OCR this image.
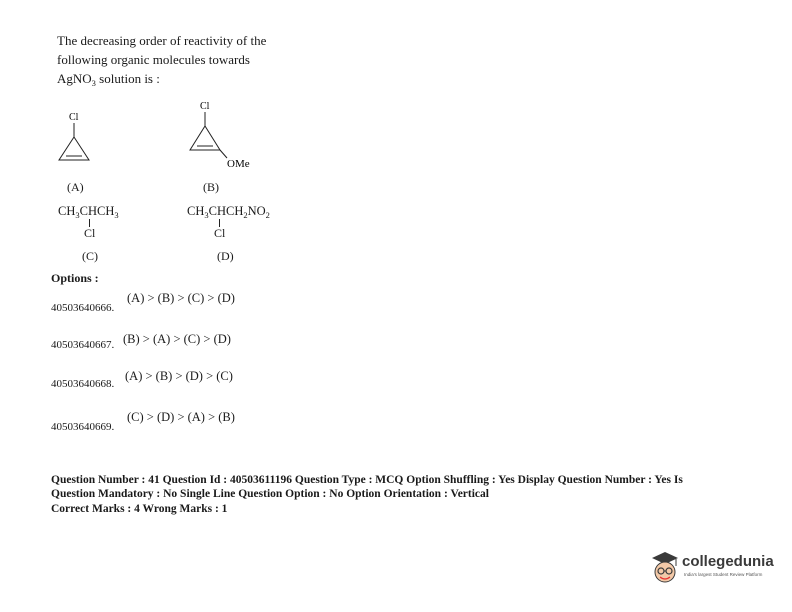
The decreasing order of reactivity of the
following organic molecules towards
AgNO$_3$ solution is :
Cl
(A)
Cl
OMe
(B)
$CH_3CHCH_3$
Cl
(C)
$CH_3CHCH_2NO_2$
Cl
(D)
Options :
40503640666.
(A) > (B) > (C) > (D)
40503640667. (B) > (A) > (C) > (D)
40503640668.
(A) > (B) > (D) > (C)
40503640669.
(C) > (D) > (A) > (B)
Question Number : 41 Question Id : 40503611196 Question Type : MCQ Option Shuffling : Yes Display Question Number : Yes Is
Question Mandatory : No Single Line Question Option : No Option Orientation : Vertical
Correct Marks : 4 Wrong Marks : 1
collegedunia
India's largest Student Review Platform
